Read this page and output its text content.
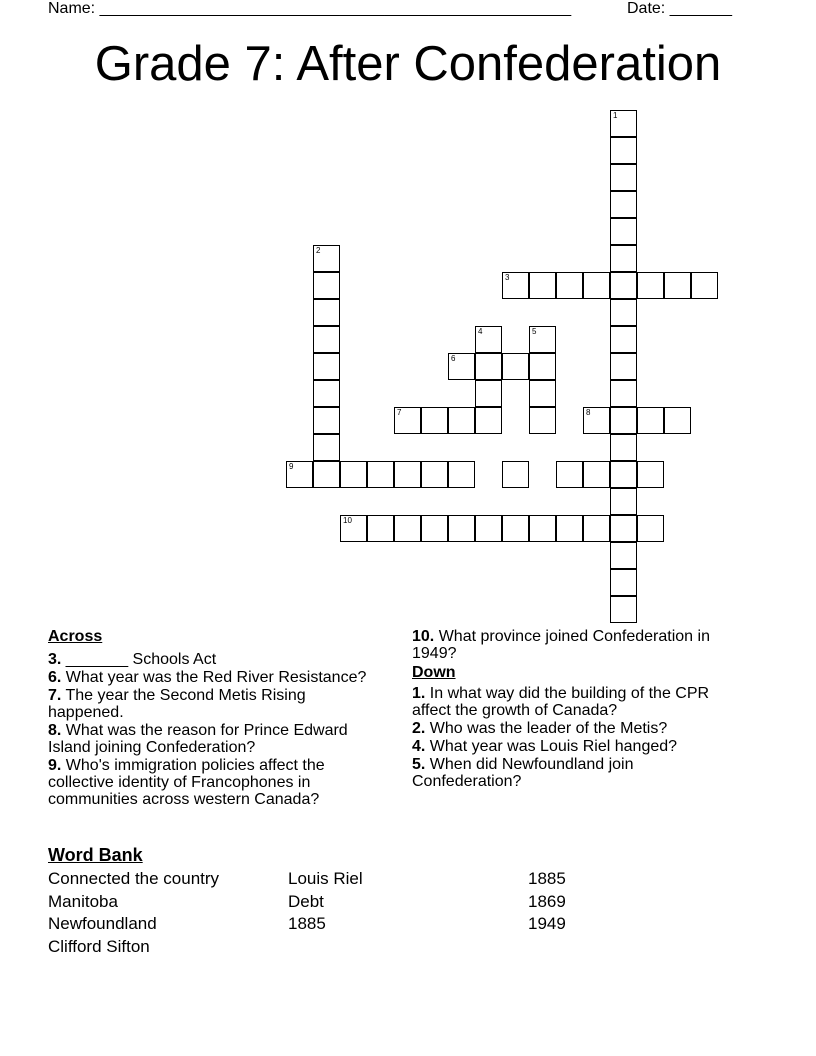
Name: _____________________________________________________	Date: _______
Grade 7: After Confederation
1
2
3
4	5
6
7	8
9
10
Across
3. _______ Schools Act
6. What year was the Red River Resistance?
7. The year the Second Metis Rising happened.
8. What was the reason for Prince Edward Island joining Confederation?
9. Who's immigration policies affect the collective identity of Francophones in communities across western Canada?
10. What province joined Confederation in 1949?
Down
1. In what way did the building of the CPR affect the growth of Canada?
2. Who was the leader of the Metis?
4. What year was Louis Riel hanged?
5. When did Newfoundland join Confederation?
Word Bank
Connected the country	Louis Riel	1885
Manitoba	Debt	1869
Newfoundland	1885	1949
Clifford Sifton
